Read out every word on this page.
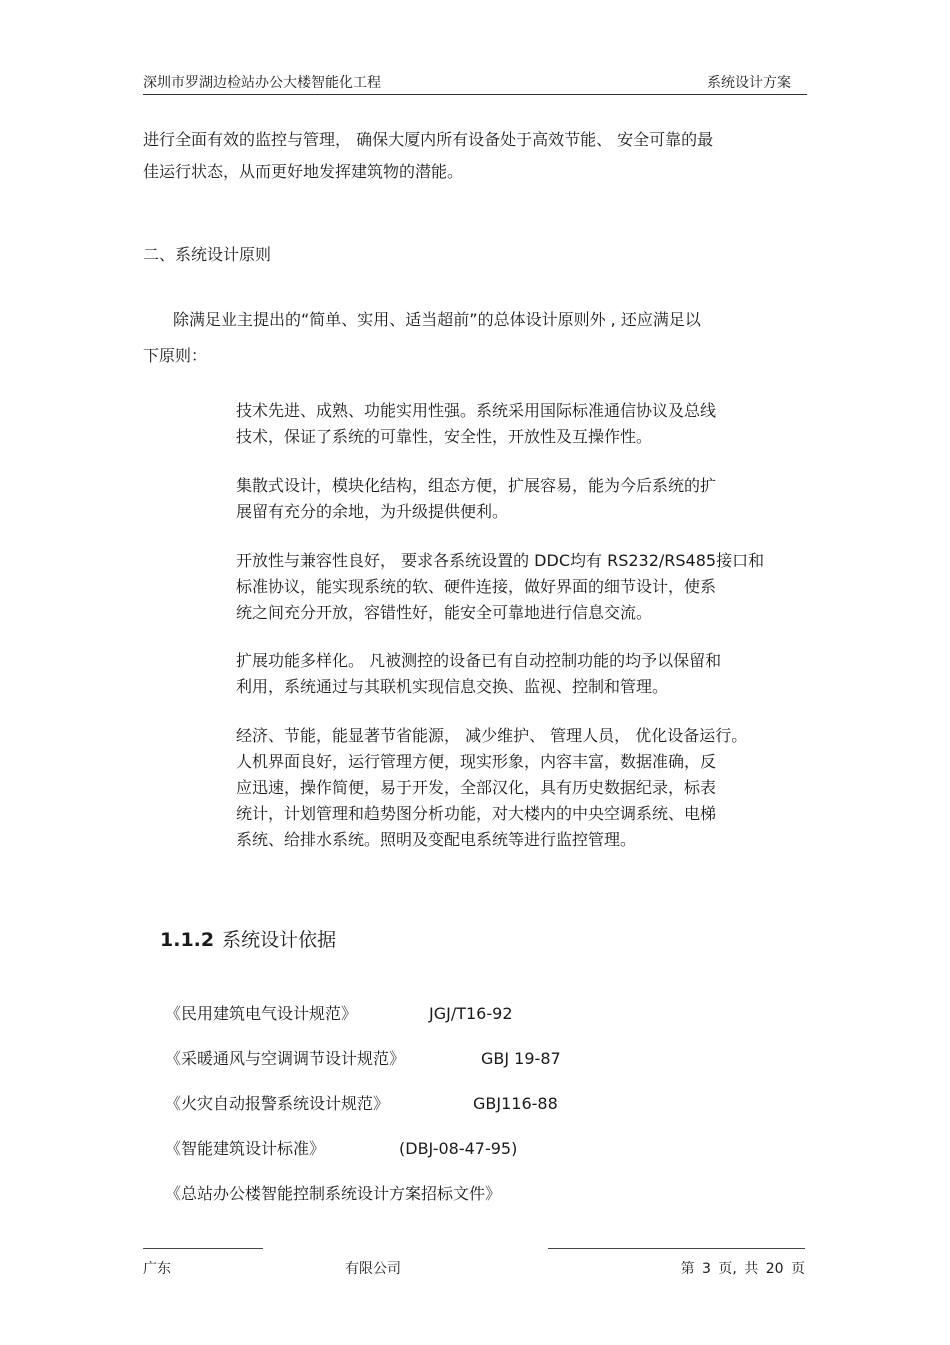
深圳市罗湖边检站办公大楼智能化工程	系统设计方案
进行全面有效的监控与管理， 确保大厦内所有设备处于高效节能、 安全可靠的最
佳运行状态，从而更好地发挥建筑物的潜能。
二、系统设计原则
除满足业主提出的“简单、实用、适当超前”的总体设计原则外 , 还应满足以
下原则：
技术先进、成熟、功能实用性强。系统采用国际标准通信协议及总线
技术，保证了系统的可靠性，安全性，开放性及互操作性。
集散式设计，模块化结构，组态方便，扩展容易，能为今后系统的扩
展留有充分的余地，为升级提供便利。
开放性与兼容性良好， 要求各系统设置的 DDC均有 RS232/RS485接口和
标准协议，能实现系统的软、硬件连接，做好界面的细节设计，使系
统之间充分开放，容错性好，能安全可靠地进行信息交流。
扩展功能多样化。 凡被测控的设备已有自动控制功能的均予以保留和
利用，系统通过与其联机实现信息交换、监视、控制和管理。
经济、节能，能显著节省能源， 减少维护、 管理人员， 优化设备运行。
人机界面良好，运行管理方便，现实形象，内容丰富，数据准确，反
应迅速，操作简便，易于开发，全部汉化，具有历史数据纪录，标表
统计，计划管理和趋势图分析功能，对大楼内的中央空调系统、电梯
系统、给排水系统。照明及变配电系统等进行监控管理。
1.1.2 系统设计依据
《民用建筑电气设计规范》	JGJ/T16-92
《采暖通风与空调调节设计规范》	GBJ 19-87
《火灾自动报警系统设计规范》	GBJ116-88
《智能建筑设计标准》	(DBJ-08-47-95)
《总站办公楼智能控制系统设计方案招标文件》
广东	有限公司	第 3 页, 共 20 页
